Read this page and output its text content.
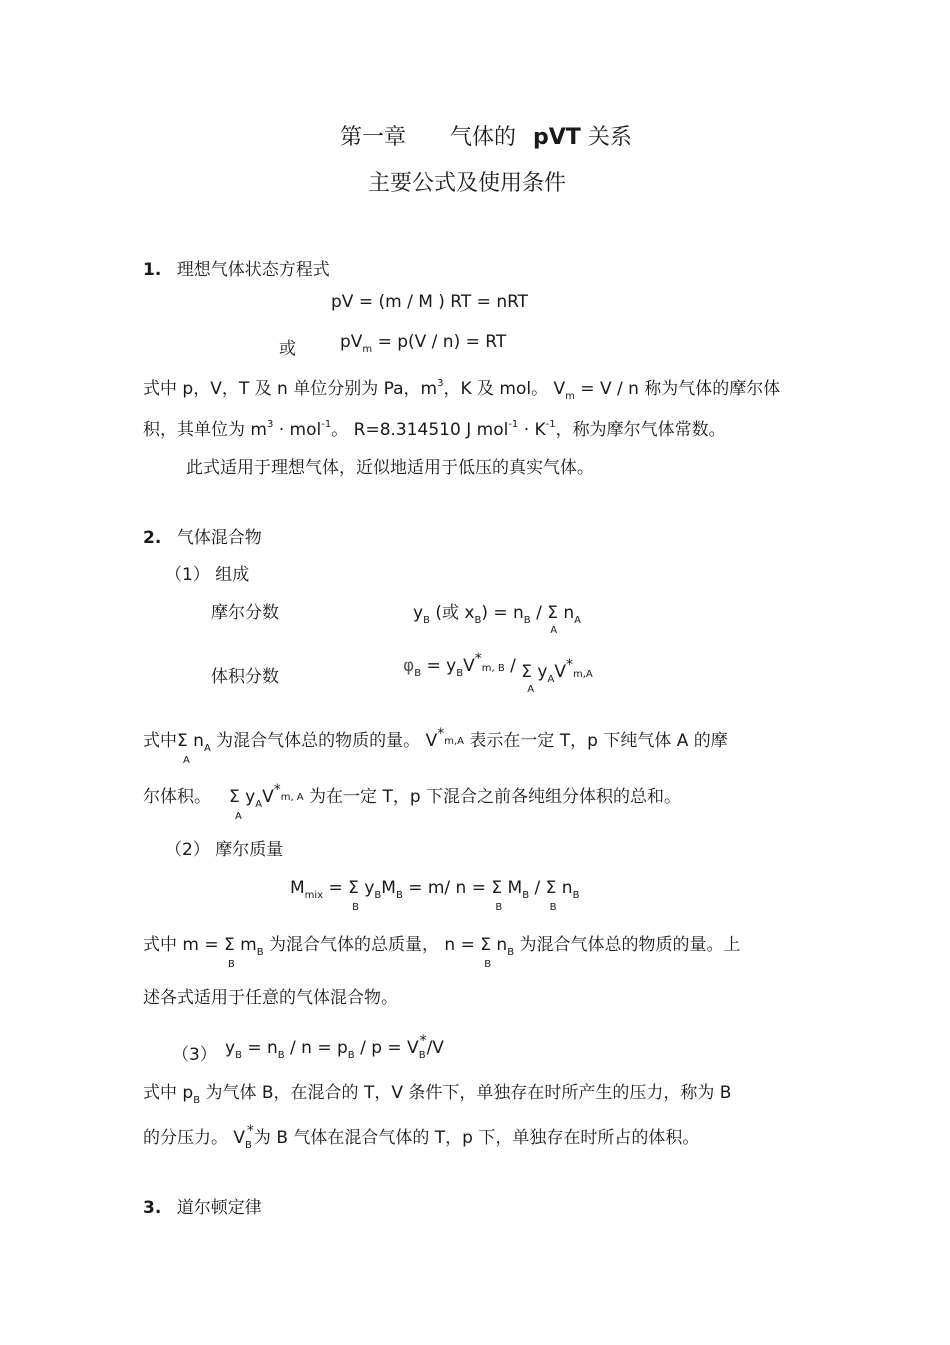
第一章 气体的 pVT 关系
主要公式及使用条件
1. 理想气体状态方程式
pV = (m / M ) RT = nRT
或	$pV_m = p(V / n)$ = RT
式中 p，V，T 及 n 单位分别为 Pa，$m^3$，K 及 mol。 $V_m = V / n$ 称为气体的摩尔体
积，其单位为 $m^3 \cdot mol^{-1}$。 R=8.314510 J $mol^{-1} \cdot K^{-1}$，称为摩尔气体常数。
此式适用于理想气体，近似地适用于低压的真实气体。
2. 气体混合物
（1） 组成
摩尔分数	$y_B$ (或 $x_B) = n_B / \Sigma$
A
$n_A$
体积分数
$\varphi_B = y_BV^*m$, B / Σ
A
$y_AV^*m,A$
式中Σ
A
$n_A$ 为混合气体总的物质的量。 V*m,A 表示在一定 T，p 下纯气体 A 的摩
尔体积。 Σ
A
$y_AV^*m$, A 为在一定 T，p 下混合之前各纯组分体积的总和。
（2） 摩尔质量
$M_{mix} = \Sigma$
B
$y_BM_B = m/$ n = Σ
B
$M_B$ / Σ
B
$n_B$
式中 m = Σ
B
$m_B$ 为混合气体的总质量， n = Σ
B
$n_B$ 为混合气体总的物质的量。上
述各式适用于任意的气体混合物。
（3） $y_B = n_B / n = p_B / p = V_B^*/V$
式中 $p_B$ 为气体 B，在混合的 T，V 条件下，单独存在时所产生的压力，称为 B
的分压力。 $V_B^*$为 B 气体在混合气体的 T，p 下，单独存在时所占的体积。
3. 道尔顿定律
